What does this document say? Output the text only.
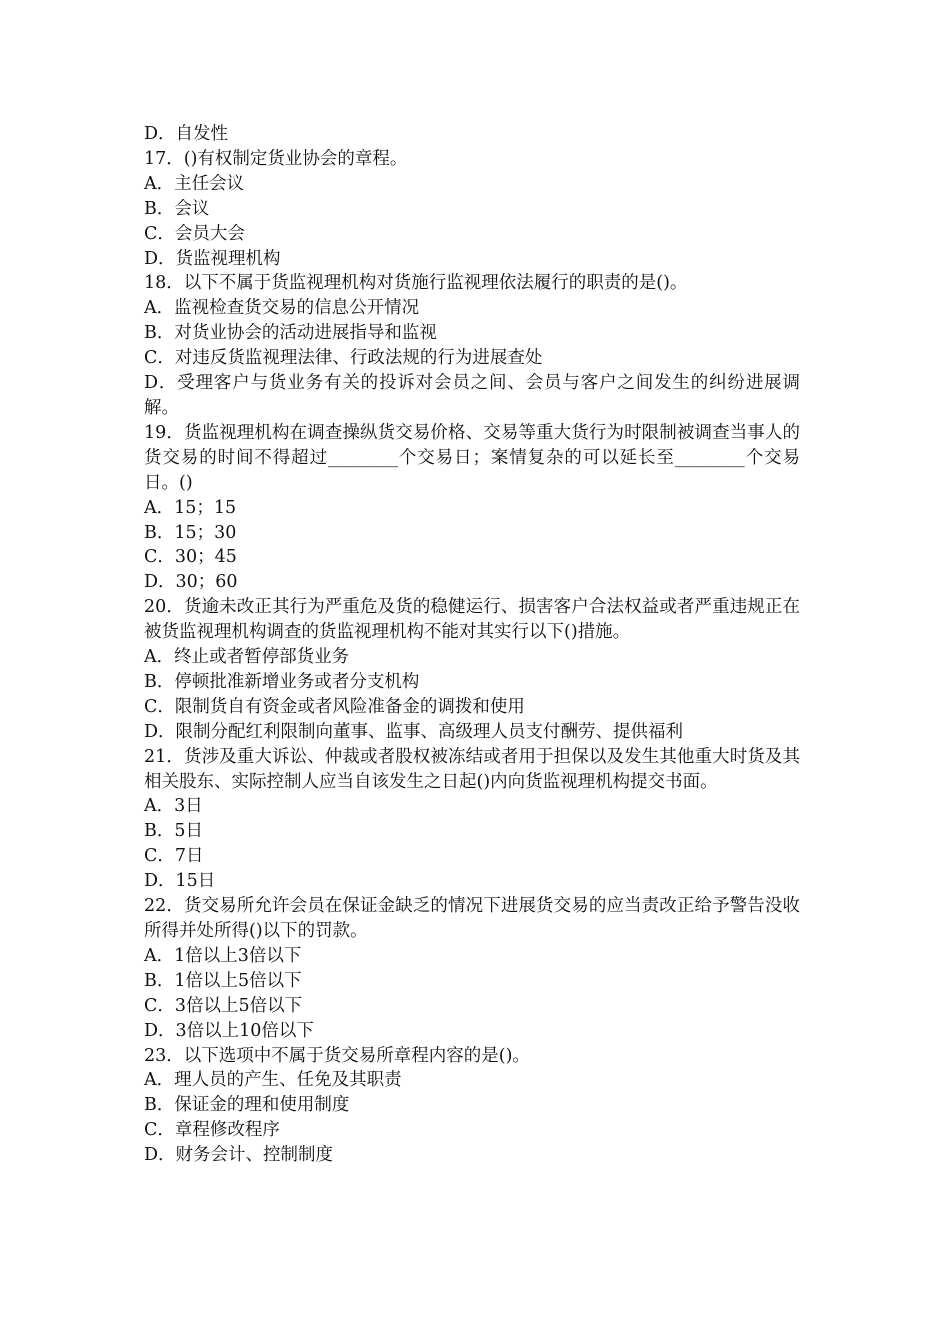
D．自发性

17．()有权制定货业协会的章程。

A．主任会议

B．会议

C．会员大会

D．货监视理机构

18．以下不属于货监视理机构对货施行监视理依法履行的职责的是()。

A．监视检查货交易的信息公开情况

B．对货业协会的活动进展指导和监视

C．对违反货监视理法律、行政法规的行为进展查处

D．受理客户与货业务有关的投诉对会员之间、会员与客户之间发生的纠纷进展调解。

19．货监视理机构在调查操纵货交易价格、交易等重大货行为时限制被调查当事人的货交易的时间不得超过________个交易日；案情复杂的可以延长至________个交易日。()

A．15；15

B．15；30

C．30；45

D．30；60

20．货逾未改正其行为严重危及货的稳健运行、损害客户合法权益或者严重违规正在被货监视理机构调查的货监视理机构不能对其实行以下()措施。

A．终止或者暂停部货业务

B．停顿批准新增业务或者分支机构

C．限制货自有资金或者风险准备金的调拨和使用

D．限制分配红利限制向董事、监事、高级理人员支付酬劳、提供福利

21．货涉及重大诉讼、仲裁或者股权被冻结或者用于担保以及发生其他重大时货及其相关股东、实际控制人应当自该发生之日起()内向货监视理机构提交书面。

A．3日

B．5日

C．7日

D．15日

22．货交易所允许会员在保证金缺乏的情况下进展货交易的应当责改正给予警告没收所得并处所得()以下的罚款。

A．1倍以上3倍以下

B．1倍以上5倍以下

C．3倍以上5倍以下

D．3倍以上10倍以下

23．以下选项中不属于货交易所章程内容的是()。

A．理人员的产生、任免及其职责

B．保证金的理和使用制度

C．章程修改程序

D．财务会计、控制制度
